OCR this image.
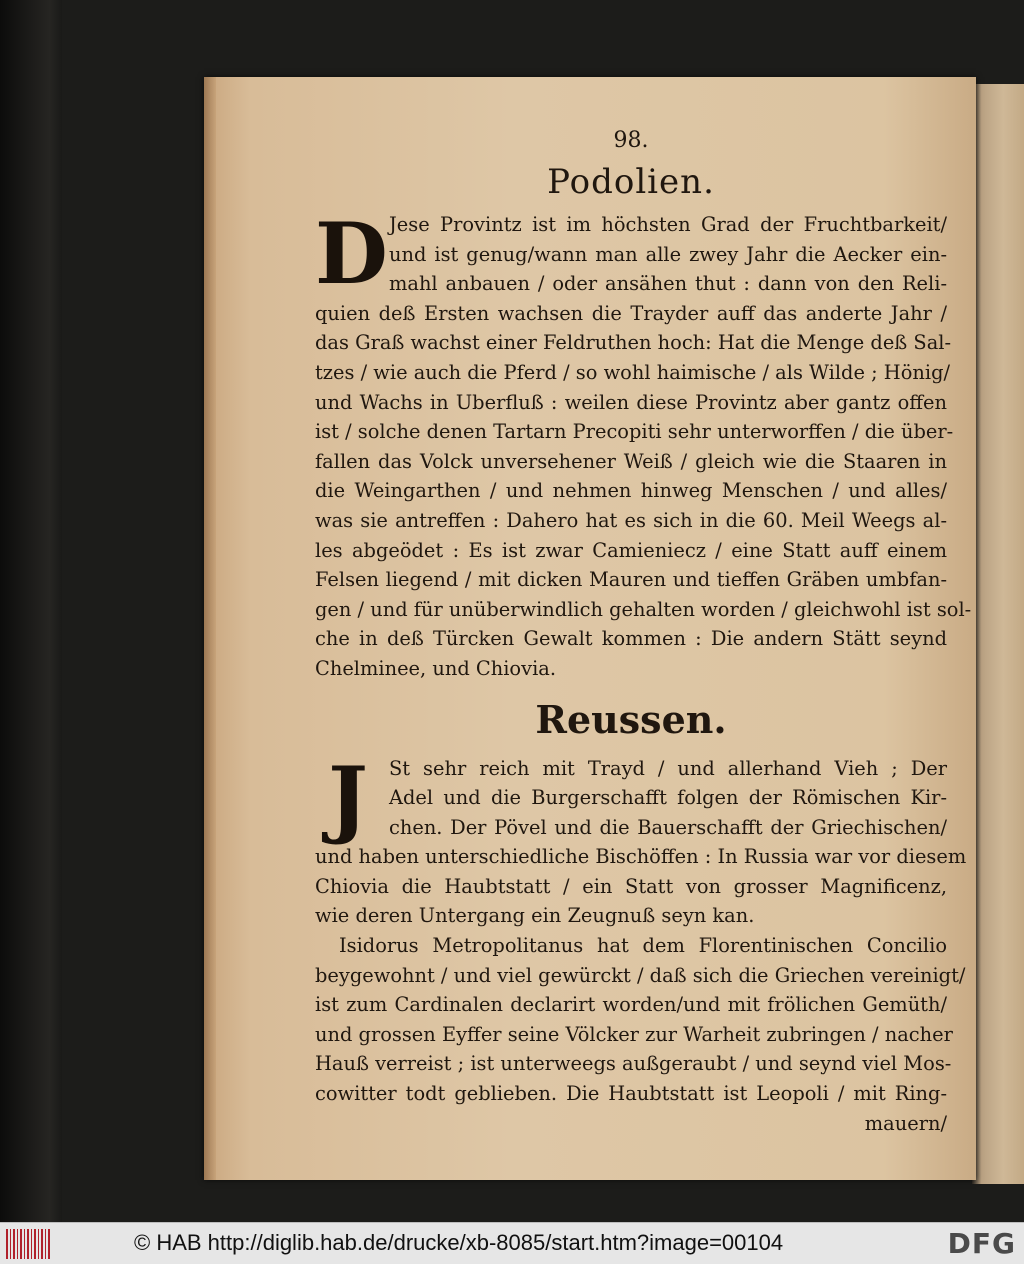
98.
Podolien.
D Jese Provintz ist im höchsten Grad der Fruchtbarkeit/
und ist genug/wann man alle zwey Jahr die Aecker ein-
mahl anbauen / oder ansähen thut : dann von den Reli-
quien deß Ersten wachsen die Trayder auff das anderte Jahr /
das Graß wachst einer Feldruthen hoch: Hat die Menge deß Sal-
tzes / wie auch die Pferd / so wohl haimische / als Wilde ; Hönig/
und Wachs in Uberfluß : weilen diese Provintz aber gantz offen
ist / solche denen Tartarn Precopiti sehr unterworffen / die über-
fallen das Volck unversehener Weiß / gleich wie die Staaren in
die Weingarthen / und nehmen hinweg Menschen / und alles/
was sie antreffen : Dahero hat es sich in die 60. Meil Weegs al-
les abgeödet : Es ist zwar Camieniecz / eine Statt auff einem
Felsen liegend / mit dicken Mauren und tieffen Gräben umbfan-
gen / und für unüberwindlich gehalten worden / gleichwohl ist sol-
che in deß Türcken Gewalt kommen : Die andern Stätt seynd
Chelminee, und Chiovia.
Reussen.
J	St sehr reich mit Trayd / und allerhand Vieh ; Der
Adel und die Burgerschafft folgen der Römischen Kir-
chen. Der Pövel und die Bauerschafft der Griechischen/
und haben unterschiedliche Bischöffen : In Russia war vor diesem
Chiovia die Haubtstatt / ein Statt von grosser Magnificenz,
wie deren Untergang ein Zeugnuß seyn kan.
Isidorus Metropolitanus hat dem Florentinischen Concilio
beygewohnt / und viel gewürckt / daß sich die Griechen vereinigt/
ist zum Cardinalen declarirt worden/und mit frölichen Gemüth/
und grossen Eyffer seine Völcker zur Warheit zubringen / nacher
Hauß verreist ; ist unterweegs außgeraubt / und seynd viel Mos-
cowitter todt geblieben. Die Haubtstatt ist Leopoli / mit Ring-
mauern/
© HAB http://diglib.hab.de/drucke/xb-8085/start.htm?image=00104	DFG
